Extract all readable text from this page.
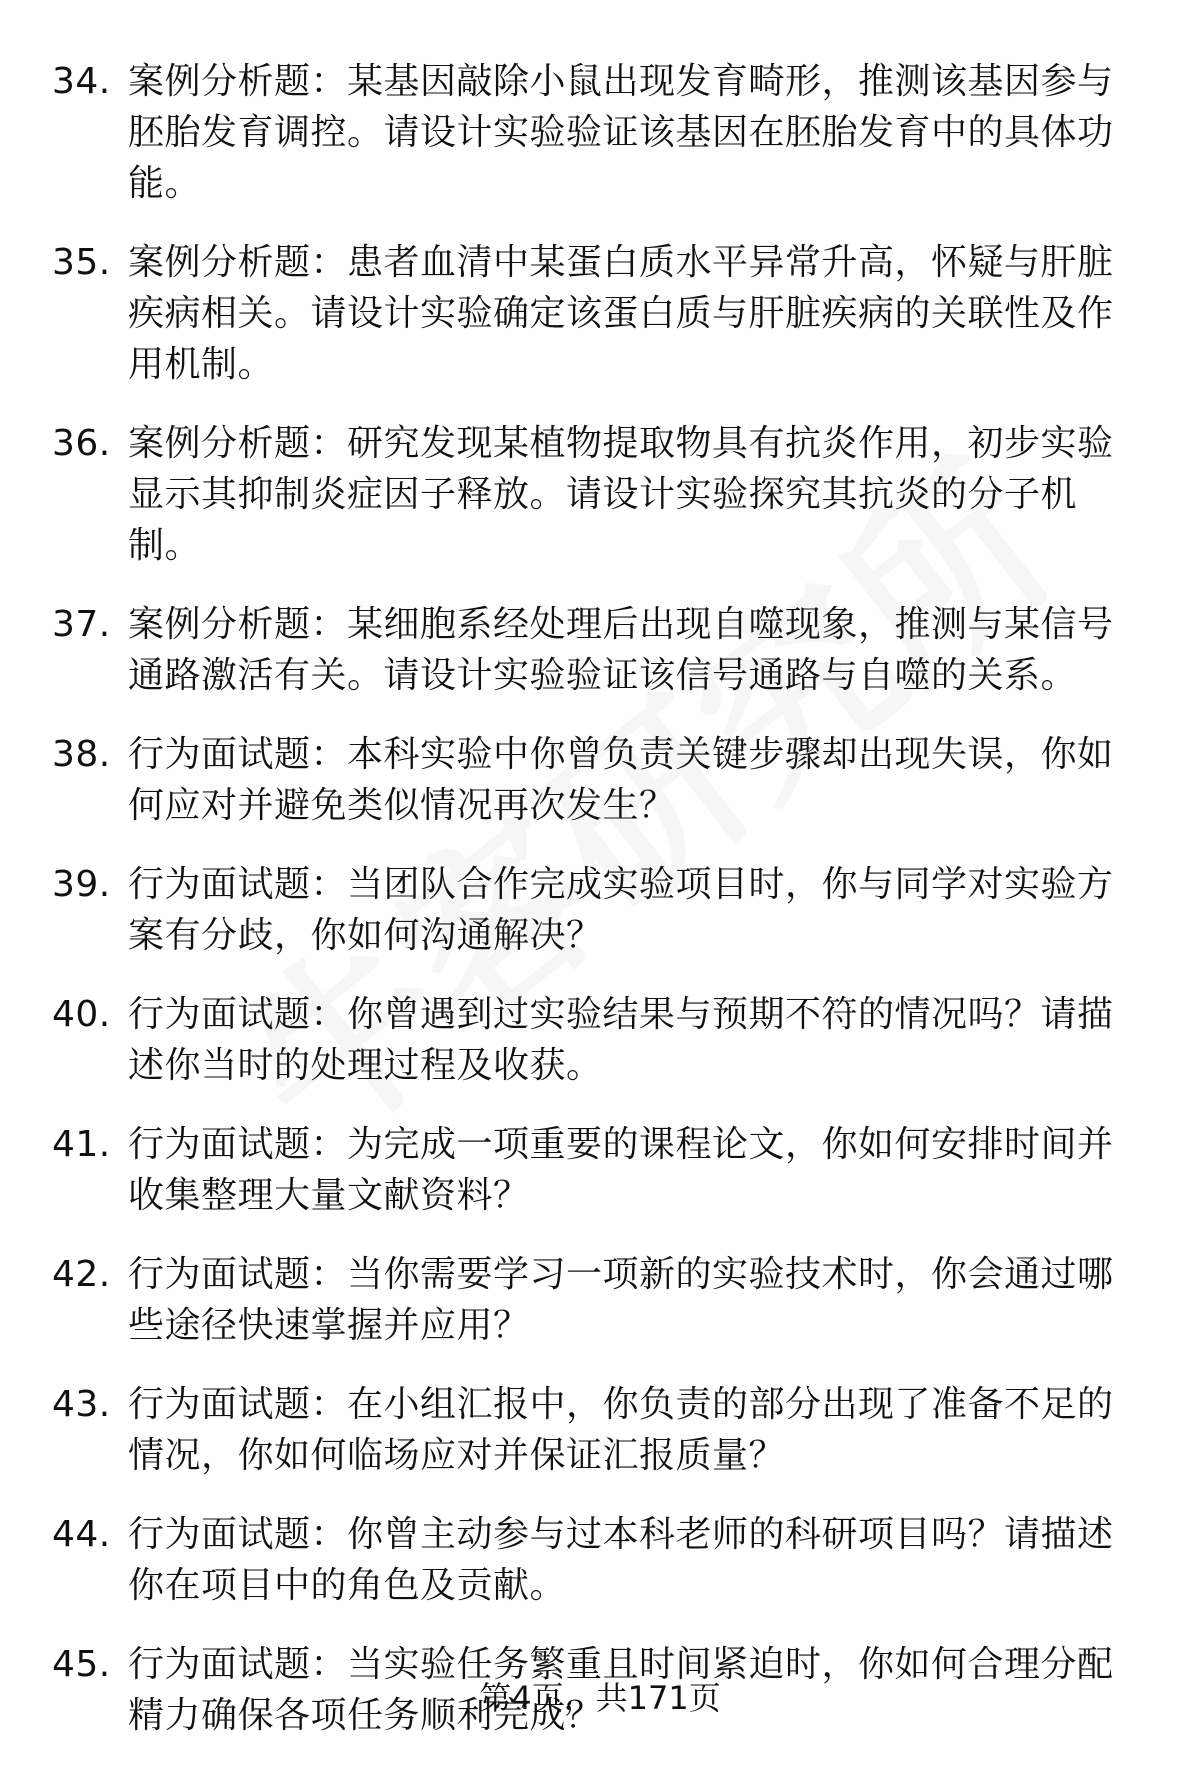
34. 案例分析题：某基因敲除小鼠出现发育畸形，推测该基因参与胚胎发育调控。请设计实验验证该基因在胚胎发育中的具体功能。
35. 案例分析题：患者血清中某蛋白质水平异常升高，怀疑与肝脏疾病相关。请设计实验确定该蛋白质与肝脏疾病的关联性及作用机制。
36. 案例分析题：研究发现某植物提取物具有抗炎作用，初步实验显示其抑制炎症因子释放。请设计实验探究其抗炎的分子机制。
37. 案例分析题：某细胞系经处理后出现自噬现象，推测与某信号通路激活有关。请设计实验验证该信号通路与自噬的关系。
38. 行为面试题：本科实验中你曾负责关键步骤却出现失误，你如何应对并避免类似情况再次发生？
39. 行为面试题：当团队合作完成实验项目时，你与同学对实验方案有分歧，你如何沟通解决？
40. 行为面试题：你曾遇到过实验结果与预期不符的情况吗？请描述你当时的处理过程及收获。
41. 行为面试题：为完成一项重要的课程论文，你如何安排时间并收集整理大量文献资料？
42. 行为面试题：当你需要学习一项新的实验技术时，你会通过哪些途径快速掌握并应用？
43. 行为面试题：在小组汇报中，你负责的部分出现了准备不足的情况，你如何临场应对并保证汇报质量？
44. 行为面试题：你曾主动参与过本科老师的科研项目吗？请描述你在项目中的角色及贡献。
45. 行为面试题：当实验任务繁重且时间紧迫时，你如何合理分配精力确保各项任务顺利完成？
第4页，共171页
